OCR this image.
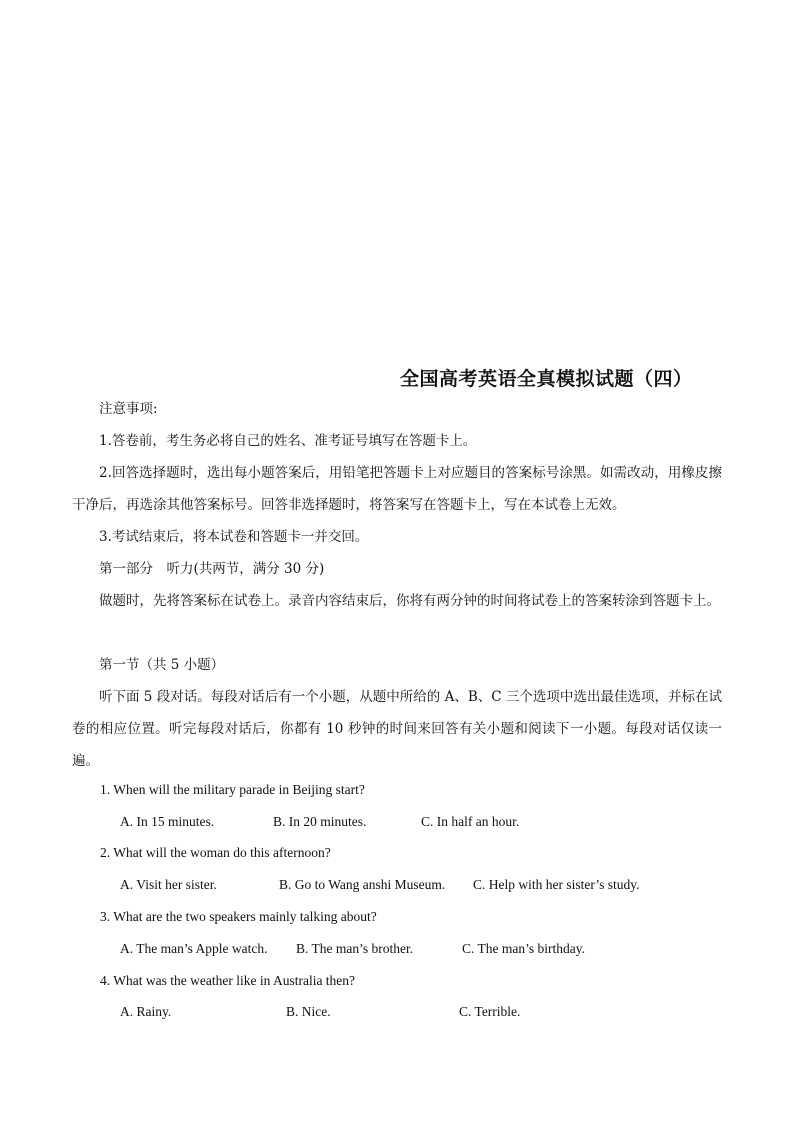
全国高考英语全真模拟试题（四）
注意事项:
1.答卷前，考生务必将自己的姓名、准考证号填写在答题卡上。
2.回答选择题时，选出每小题答案后，用铅笔把答题卡上对应题目的答案标号涂黑。如需改动，用橡皮擦干净后，再选涂其他答案标号。回答非选择题时，将答案写在答题卡上，写在本试卷上无效。
3.考试结束后，将本试卷和答题卡一并交回。
第一部分　听力(共两节，满分 30 分)
做题时，先将答案标在试卷上。录音内容结束后，你将有两分钟的时间将试卷上的答案转涂到答题卡上。
第一节（共 5 小题）
听下面 5 段对话。每段对话后有一个小题，从题中所给的 A、B、C 三个选项中选出最佳选项，并标在试卷的相应位置。听完每段对话后，你都有 10 秒钟的时间来回答有关小题和阅读下一小题。每段对话仅读一遍。
1. When will the military parade in Beijing start?
A. In 15 minutes.	B. In 20 minutes.	C. In half an hour.
2. What will the woman do this afternoon?
A. Visit her sister.	B. Go to Wang anshi Museum. C. Help with her sister’s study.
3. What are the two speakers mainly talking about?
A. The man’s Apple watch. B. The man’s brother.	C. The man’s birthday.
4. What was the weather like in Australia then?
A. Rainy.	B. Nice.	C. Terrible.
